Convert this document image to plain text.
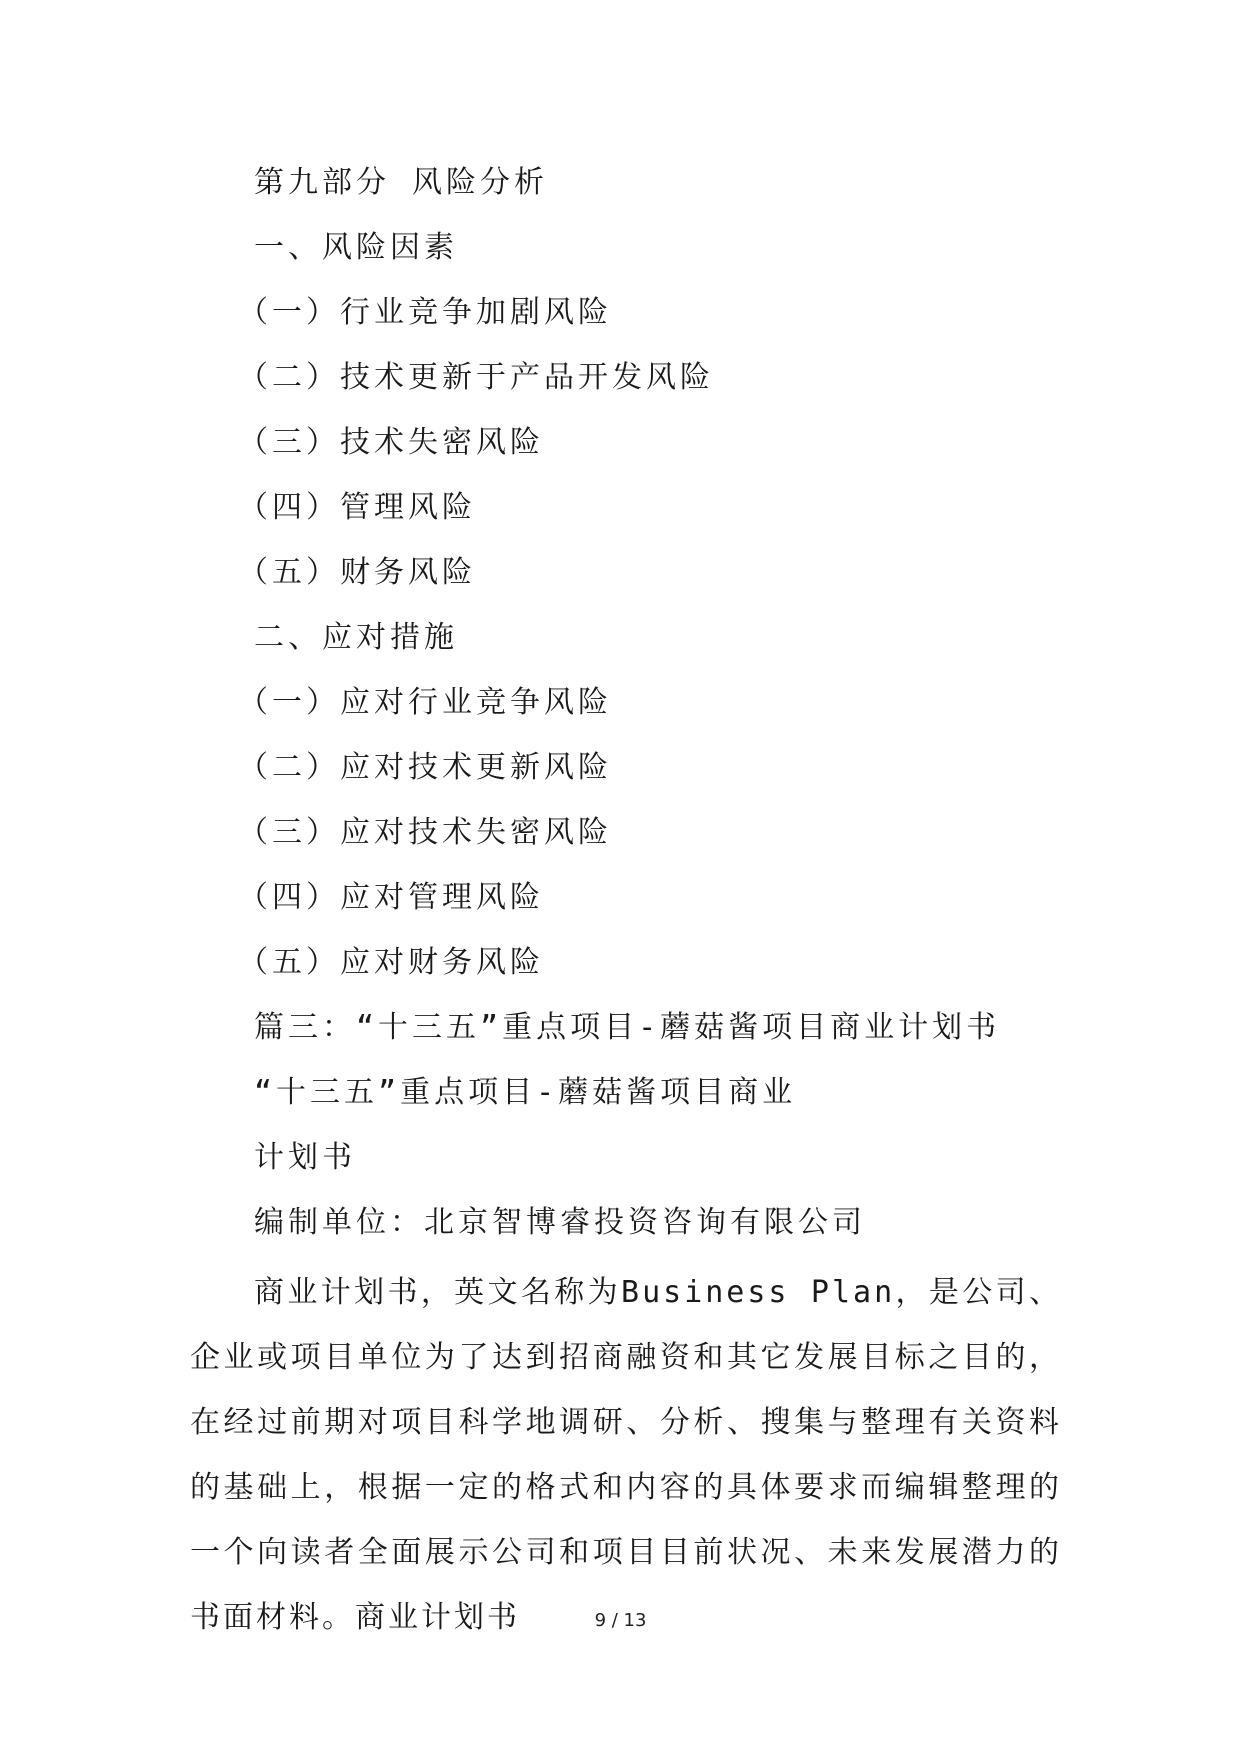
第九部分 风险分析
一、风险因素
（一）行业竞争加剧风险
（二）技术更新于产品开发风险
（三）技术失密风险
（四）管理风险
（五）财务风险
二、应对措施
（一）应对行业竞争风险
（二）应对技术更新风险
（三）应对技术失密风险
（四）应对管理风险
（五）应对财务风险
篇三：“十三五”重点项目-蘑菇酱项目商业计划书
“十三五”重点项目-蘑菇酱项目商业
计划书
编制单位：北京智博睿投资咨询有限公司
商业计划书，英文名称为Business Plan，是公司、企业或项目单位为了达到招商融资和其它发展目标之目的，在经过前期对项目科学地调研、分析、搜集与整理有关资料的基础上，根据一定的格式和内容的具体要求而编辑整理的一个向读者全面展示公司和项目目前状况、未来发展潜力的书面材料。商业计划书	9 / 13
